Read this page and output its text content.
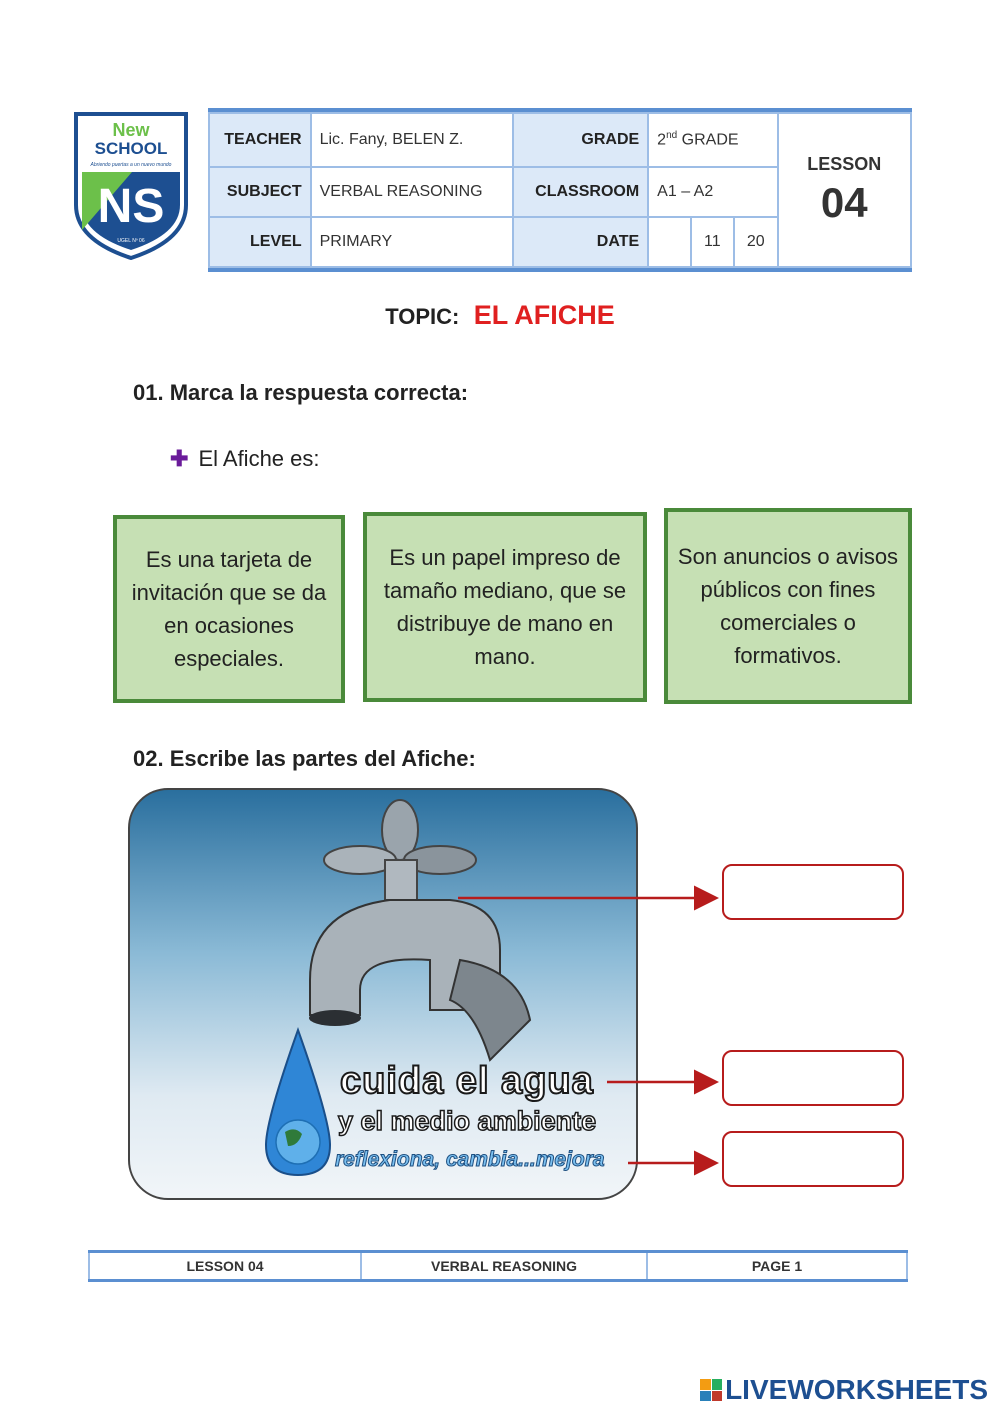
New
SCHOOL
Abriendo puertas a un nuevo mundo
NS
UGEL Nº 06
TEACHER	Lic. Fany, BELEN Z.	GRADE	2nd GRADE			LESSON
04

SUBJECT	VERBAL REASONING	CLASSROOM	A1 – A2			
LEVEL	PRIMARY	DATE		11	20	
TOPIC: EL AFICHE
01. Marca la respuesta correcta:
✚ El Afiche es:
Es una tarjeta de invitación que se da en ocasiones especiales.
Es un papel impreso de tamaño mediano, que se distribuye de mano en mano.
Son anuncios o avisos públicos con fines comerciales o formativos.
02. Escribe las partes del Afiche:
cuida el agua
y el medio ambiente
reflexiona, cambia...mejora
LESSON 04	VERBAL REASONING	PAGE 1
LIVEWORKSHEETS
